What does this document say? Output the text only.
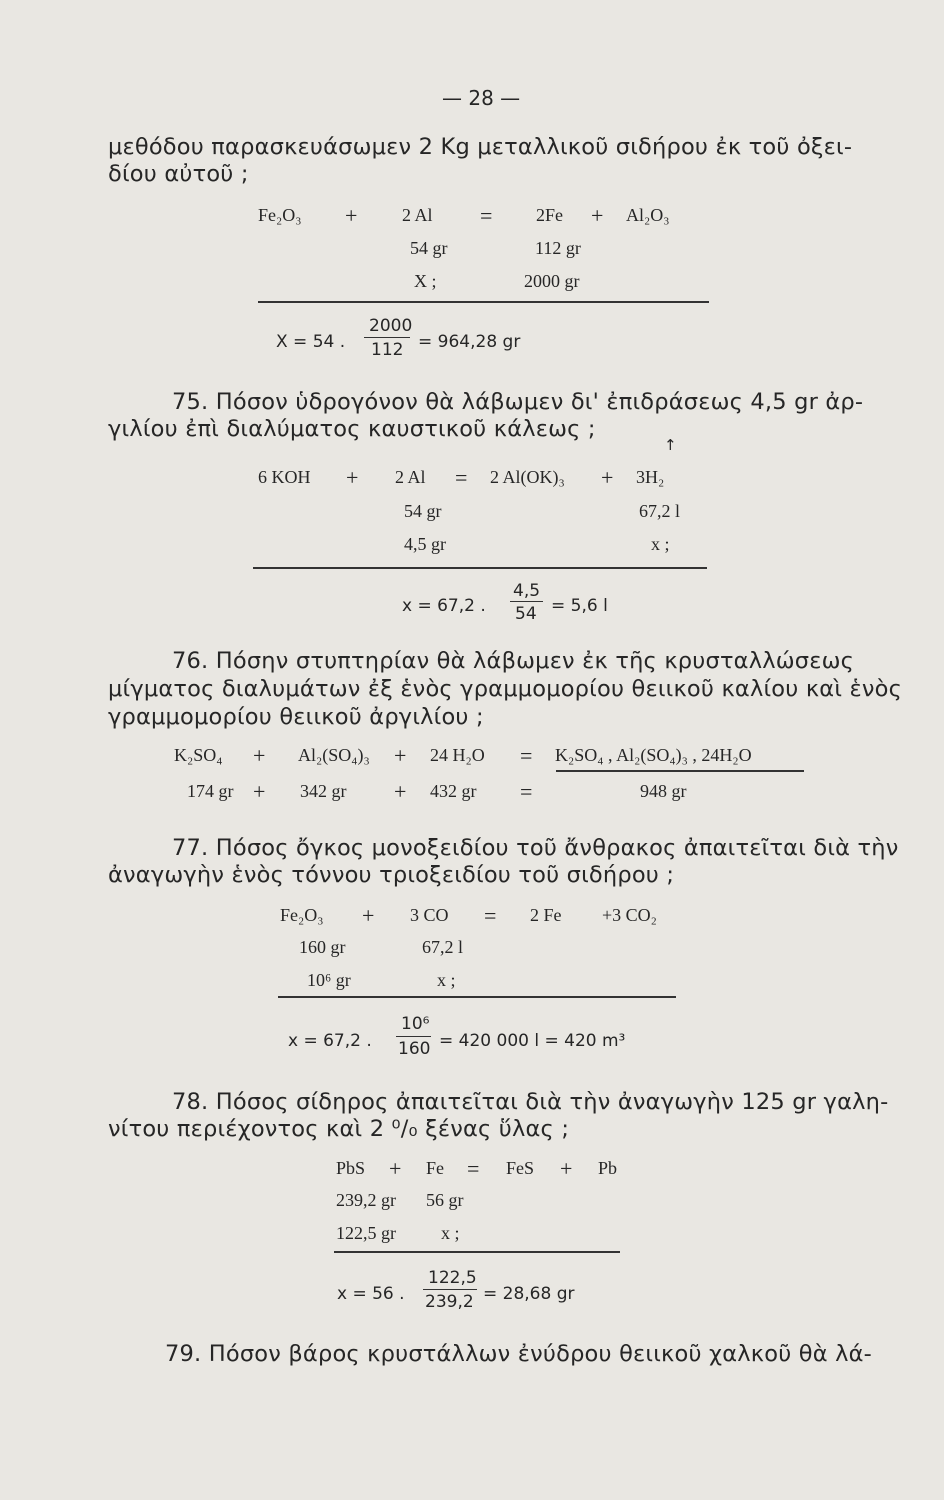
— 28 —
μεθόδου παρασκευάσωμεν 2 Kg μεταλλικοῦ σιδήρου ἐκ τοῦ ὀξει-
δίου αὐτοῦ ;
Fe₂O₃ + 2 Al = 2Fe + Al₂O₃
54 gr	112 gr
X ;	2000 gr
X = 54 .
2000
112 = 964,28 gr
75. Πόσον ὑδρογόνον θὰ λάβωμεν δι' ἐπιδράσεως 4,5 gr ἀρ-
γιλίου ἐπὶ διαλύματος καυστικοῦ κάλεως ;
↑
6 KOH + 2 Al = 2 Al(OK)₃ + 3H₂
54 gr	67,2 l
4,5 gr	x ;
x = 67,2 .
4,5
54 = 5,6 l
76. Πόσην στυπτηρίαν θὰ λάβωμεν ἐκ τῆς κρυσταλλώσεως
μίγματος διαλυμάτων ἐξ ἑνὸς γραμμομορίου θειικοῦ καλίου καὶ ἑνὸς
γραμμομορίου θειικοῦ ἀργιλίου ;
K₂SO₄ + Al₂(SO₄)₃ + 24 H₂O = K₂SO₄ , Al₂(SO₄)₃ , 24H₂O
174 gr + 342 gr + 432 gr =	948 gr
77. Πόσος ὄγκος μονοξειδίου τοῦ ἄνθρακος ἀπαιτεῖται διὰ τὴν
ἀναγωγὴν ἑνὸς τόννου τριοξειδίου τοῦ σιδήρου ;
Fe₂O₃ + 3 CO = 2 Fe +3 CO₂
160 gr	67,2 l
10⁶ gr	x ;
x = 67,2 .
10⁶
160 = 420 000 l = 420 m³
78. Πόσος σίδηρος ἀπαιτεῖται διὰ τὴν ἀναγωγὴν 125 gr γαλη-
νίτου περιέχοντος καὶ 2 ⁰/₀ ξένας ὕλας ;
PbS + Fe = FeS + Pb
239,2 gr 56 gr
122,5 gr	x ;
x = 56 .
122,5
239,2 = 28,68 gr
79. Πόσον βάρος κρυστάλλων ἐνύδρου θειικοῦ χαλκοῦ θὰ λά-
